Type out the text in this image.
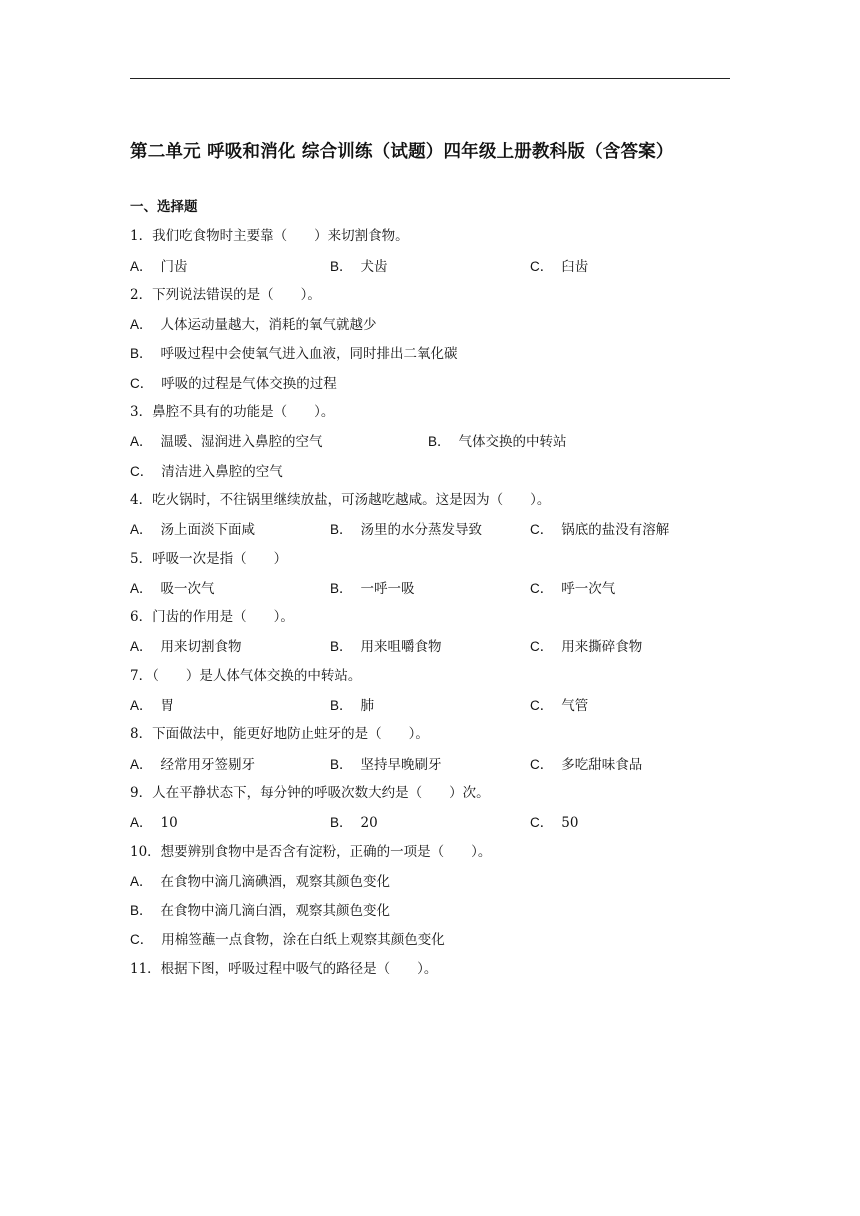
第二单元 呼吸和消化 综合训练（试题）四年级上册教科版（含答案）
一、选择题
1．我们吃食物时主要靠（　　）来切割食物。
A． 门齿	B． 犬齿	C． 臼齿
2．下列说法错误的是（　　）。
A． 人体运动量越大，消耗的氧气就越少
B． 呼吸过程中会使氧气进入血液，同时排出二氧化碳
C． 呼吸的过程是气体交换的过程
3．鼻腔不具有的功能是（　　）。
A． 温暖、湿润进入鼻腔的空气	B． 气体交换的中转站
C． 清洁进入鼻腔的空气
4．吃火锅时，不往锅里继续放盐，可汤越吃越咸。这是因为（　　）。
A． 汤上面淡下面咸	B． 汤里的水分蒸发导致	C． 锅底的盐没有溶解
5．呼吸一次是指（　　）
A． 吸一次气	B． 一呼一吸	C． 呼一次气
6．门齿的作用是（　　）。
A． 用来切割食物	B． 用来咀嚼食物	C． 用来撕碎食物
7．（　　）是人体气体交换的中转站。
A． 胃	B． 肺	C． 气管
8．下面做法中，能更好地防止蛀牙的是（　　）。
A． 经常用牙签剔牙	B． 坚持早晚刷牙	C． 多吃甜味食品
9．人在平静状态下，每分钟的呼吸次数大约是（　　）次。
A． 10	B． 20	C． 50
10．想要辨别食物中是否含有淀粉，正确的一项是（　　）。
A． 在食物中滴几滴碘酒，观察其颜色变化
B． 在食物中滴几滴白酒，观察其颜色变化
C． 用棉签蘸一点食物，涂在白纸上观察其颜色变化
11．根据下图，呼吸过程中吸气的路径是（　　）。
